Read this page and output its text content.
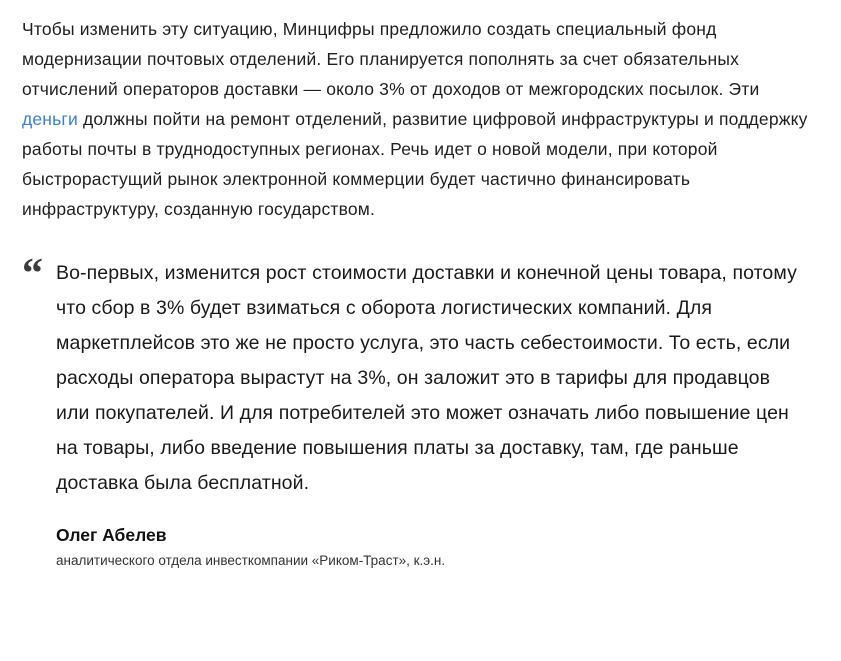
Чтобы изменить эту ситуацию, Минцифры предложило создать специальный фонд модернизации почтовых отделений. Его планируется пополнять за счет обязательных отчислений операторов доставки — около 3% от доходов от межгородских посылок. Эти деньги должны пойти на ремонт отделений, развитие цифровой инфраструктуры и поддержку работы почты в труднодоступных регионах. Речь идет о новой модели, при которой быстрорастущий рынок электронной коммерции будет частично финансировать инфраструктуру, созданную государством.

“ Во-первых, изменится рост стоимости доставки и конечной цены товара, потому что сбор в 3% будет взиматься с оборота логистических компаний. Для маркетплейсов это же не просто услуга, это часть себестоимости. То есть, если расходы оператора вырастут на 3%, он заложит это в тарифы для продавцов или покупателей. И для потребителей это может означать либо повышение цен на товары, либо введение повышения платы за доставку, там, где раньше доставка была бесплатной.

Олег Абелев
аналитического отдела инвесткомпании «Риком-Траст», к.э.н.
